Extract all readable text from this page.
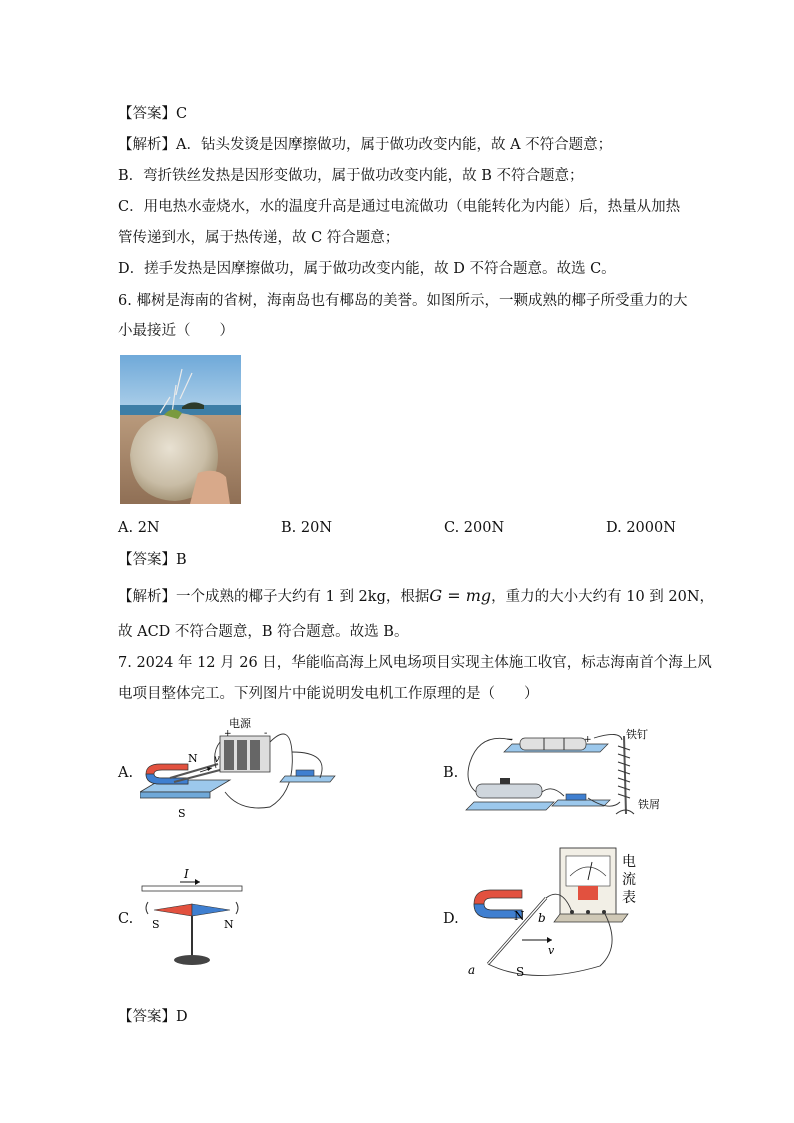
【答案】C
【解析】A．钻头发烫是因摩擦做功，属于做功改变内能，故 A 不符合题意；
B．弯折铁丝发热是因形变做功，属于做功改变内能，故 B 不符合题意；
C．用电热水壶烧水，水的温度升高是通过电流做功（电能转化为内能）后，热量从加热
管传递到水，属于热传递，故 C 符合题意；
D．搓手发热是因摩擦做功，属于做功改变内能，故 D 不符合题意。故选 C。
6. 椰树是海南的省树，海南岛也有椰岛的美誉。如图所示，一颗成熟的椰子所受重力的大
小最接近（　　）
A. 2N	B. 20N	C. 200N	D. 2000N
【答案】B
【解析】一个成熟的椰子大约有 1 到 2kg，根据G = mg，重力的大小大约有 10 到 20N，
故 ACD 不符合题意，B 符合题意。故选 B。
7. 2024 年 12 月 26 日，华能临高海上风电场项目实现主体施工收官，标志海南首个海上风
电项目整体完工。下列图片中能说明发电机工作原理的是（　　）
A.
电源
+	-
N
S
v
B.
−	+	铁钉
铁屑
C.
I
S	N	D.	N
S
a
b
v
电
流
表
【答案】D
